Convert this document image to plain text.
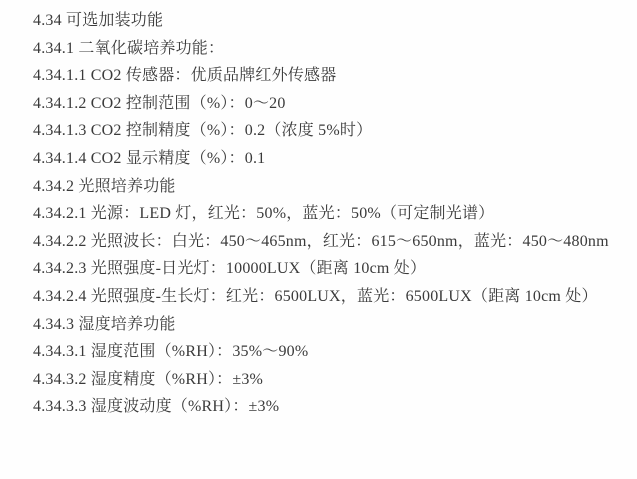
4.34 可选加装功能
4.34.1 二氧化碳培养功能：
4.34.1.1 CO2 传感器：优质品牌红外传感器
4.34.1.2 CO2 控制范围（%）：0～20
4.34.1.3 CO2 控制精度（%）：0.2（浓度 5%时）
4.34.1.4 CO2 显示精度（%）：0.1
4.34.2 光照培养功能
4.34.2.1 光源：LED 灯，红光：50%，蓝光：50%（可定制光谱）
4.34.2.2 光照波长：白光：450～465nm，红光：615～650nm，蓝光：450～480nm
4.34.2.3 光照强度-日光灯：10000LUX（距离 10cm 处）
4.34.2.4 光照强度-生长灯：红光：6500LUX，蓝光：6500LUX（距离 10cm 处）
4.34.3 湿度培养功能
4.34.3.1 湿度范围（%RH）：35%～90%
4.34.3.2 湿度精度（%RH）：±3%
4.34.3.3 湿度波动度（%RH）：±3%
